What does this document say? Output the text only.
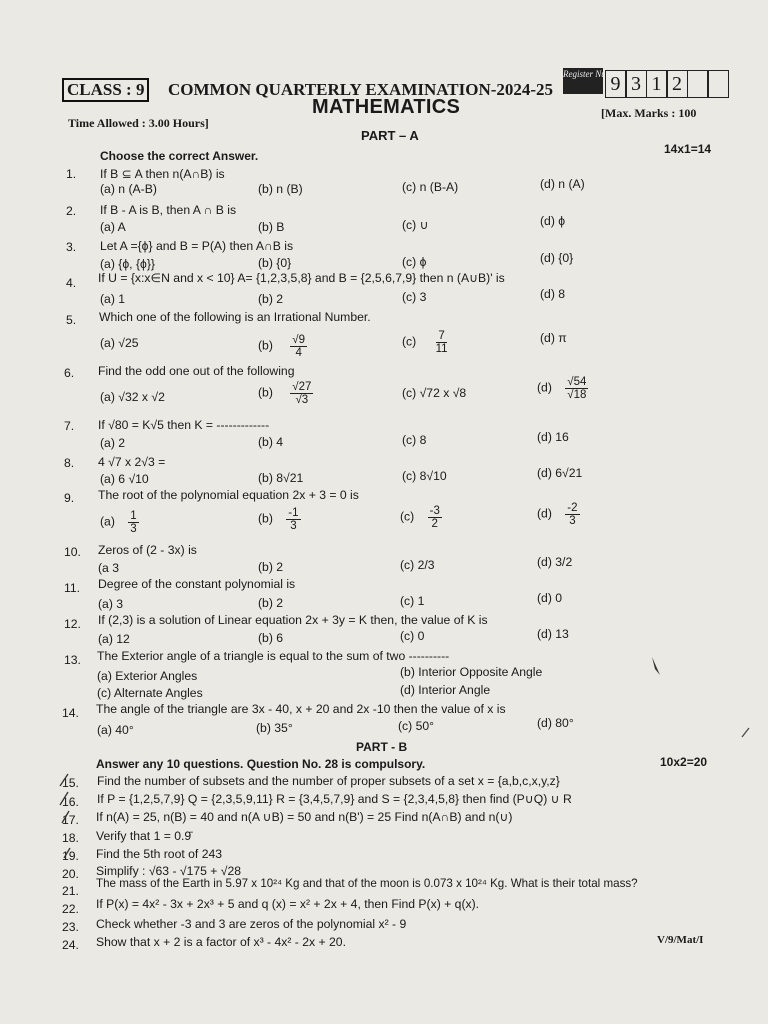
CLASS : 9 COMMON QUARTERLY EXAMINATION-2024-25
Register Number
9 3 1 2
MATHEMATICS
Time Allowed : 3.00 Hours]
[Max. Marks : 100
PART – A
14x1=14
Choose the correct Answer.
1. If B ⊆ A then n(A∩B) is
(a) n (A-B)	(b) n (B)	(c) n (B-A)	(d) n (A)
2. If B - A is B, then A ∩ B is
(a) A	(b) B	(c) ∪	(d) ϕ
3. Let A ={ϕ} and B = P(A) then A∩B is
(a) {ϕ, {ϕ}}	(b) {0}	(c) ϕ	(d) {0}
4. If U = {x:x∈N and x < 10} A= {1,2,3,5,8} and B = {2,5,6,7,9} then n (A∪B)' is
(a) 1	(b) 2	(c) 3	(d) 8
5. Which one of the following is an Irrational Number.
(a) √25	$(b) \frac{√9}{4}$	$(c) \frac{7}{11}$	(d) π
6. Find the odd one out of the following
(a) √32 x √2	$(b) \frac{√27}{√3}$	(c) √72 x √8	$(d) \frac{√54}{√18}$
7. If √80 = K√5 then K = -------------
(a) 2	(b) 4	(c) 8	(d) 16
8. 4 √7 x 2√3 =
(a) 6 √10	(b) 8√21	(c) 8√10	(d) 6√21
9. The root of the polynomial equation 2x + 3 = 0 is
$(a) \frac{1}{3}$	$(b) \frac{-1}{3}$	$(c) \frac{-3}{2}$	$(d) \frac{-2}{3}$
10. Zeros of (2 - 3x) is
(a 3	(b) 2	(c) 2/3	(d) 3/2
11. Degree of the constant polynomial is
(a) 3	(b) 2	(c) 1	(d) 0
12. If (2,3) is a solution of Linear equation 2x + 3y = K then, the value of K is
(a) 12	(b) 6	(c) 0	(d) 13
13. The Exterior angle of a triangle is equal to the sum of two ----------
(a) Exterior Angles	(b) Interior Opposite Angle
(c) Alternate Angles	(d) Interior Angle
14. The angle of the triangle are 3x - 40, x + 20 and 2x -10 then the value of x is
(a) 40°	(b) 35°	(c) 50°	(d) 80°
PART - B
Answer any 10 questions. Question No. 28 is compulsory.	10x2=20
15. Find the number of subsets and the number of proper subsets of a set x = {a,b,c,x,y,z}
16. If P = {1,2,5,7,9} Q = {2,3,5,9,11} R = {3,4,5,7,9} and S = {2,3,4,5,8} then find (P∪Q) ∪ R
17. If n(A) = 25, n(B) = 40 and n(A ∪B) = 50 and n(B') = 25 Find n(A∩B) and n(∪)
18. Verify that 1 = 0.9̄
19. Find the 5th root of 243
20. Simplify : √63 - √175 + √28
21.
The mass of the Earth in 5.97 x 10²⁴ Kg and that of the moon is 0.073 x 10²⁴ Kg. What is their total mass?
22. If P(x) = 4x² - 3x + 2x³ + 5 and q (x) = x² + 2x + 4, then Find P(x) + q(x).
23. Check whether -3 and 3 are zeros of the polynomial x² - 9
24. Show that x + 2 is a factor of x³ - 4x² - 2x + 20.	V/9/Mat/I
